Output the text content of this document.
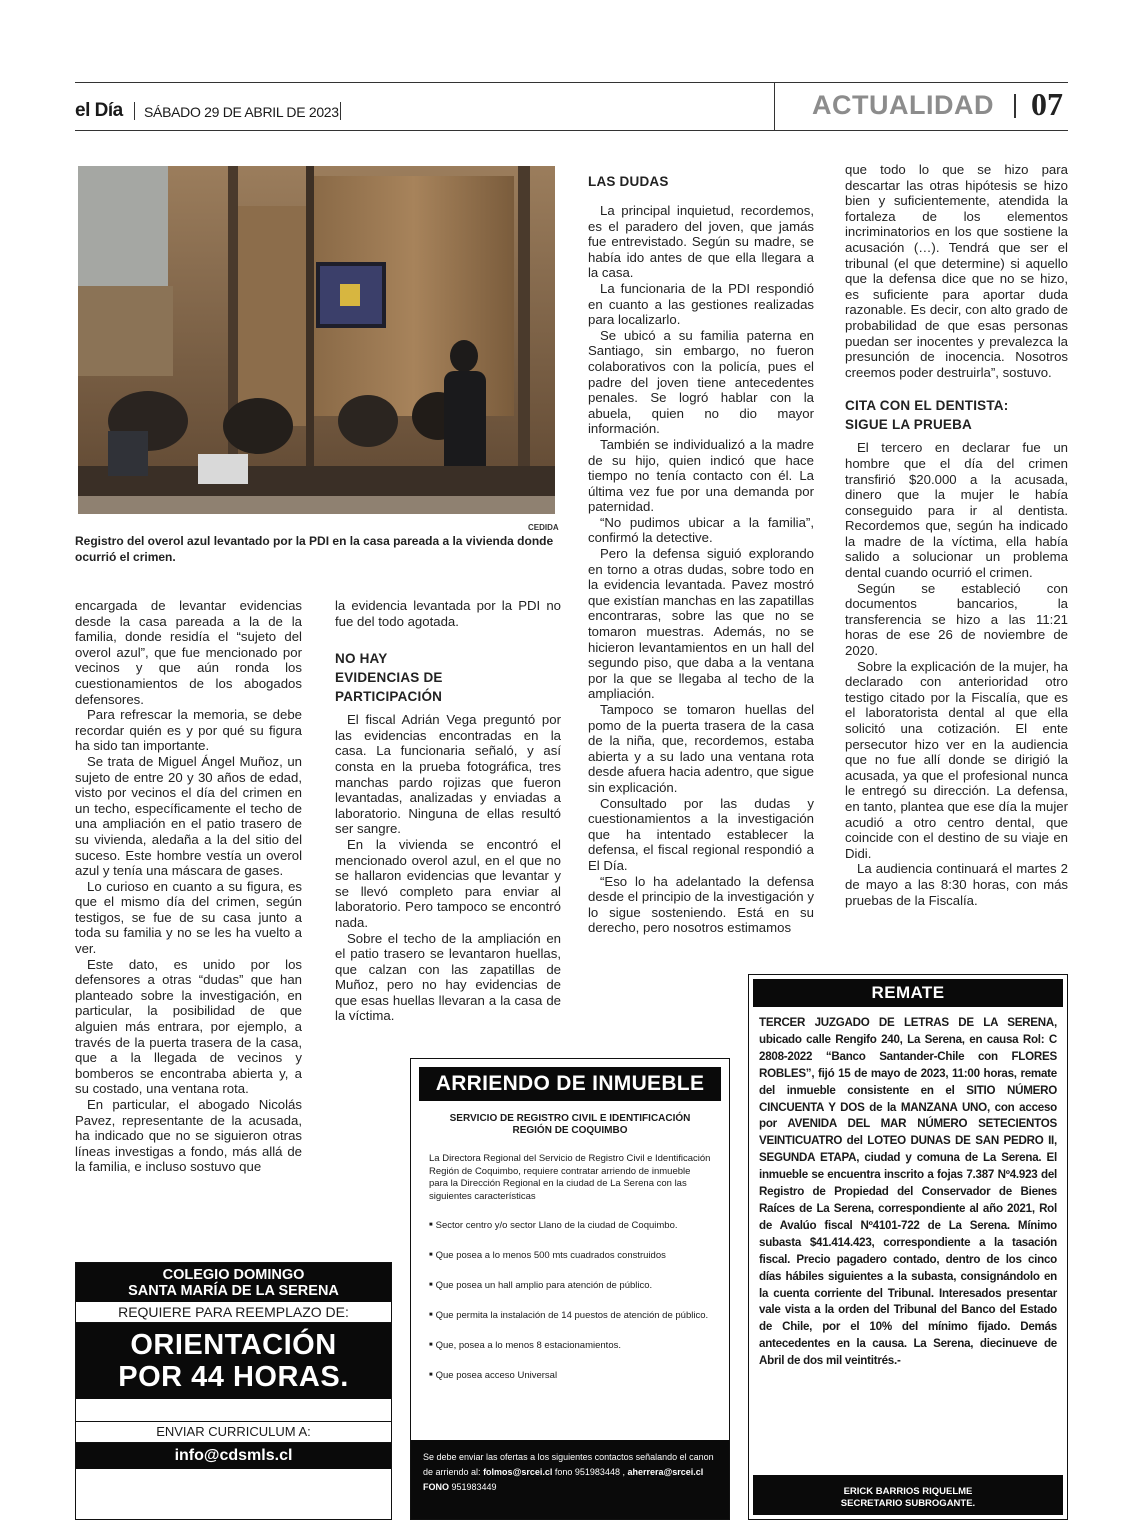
el Día SÁBADO 29 DE ABRIL DE 2023	ACTUALIDAD 07
CEDIDA
Registro del overol azul levantado por la PDI en la casa pareada a la vivienda donde ocurrió el crimen.

encargada de levantar evidencias desde la casa pareada a la de la familia, donde residía el “sujeto del overol azul”, que fue mencionado por vecinos y que aún ronda los cuestionamientos de los abogados defensores.

Para refrescar la memoria, se debe recordar quién es y por qué su figura ha sido tan importante.

Se trata de Miguel Ángel Muñoz, un sujeto de entre 20 y 30 años de edad, visto por vecinos el día del crimen en un techo, específicamente el techo de una ampliación en el patio trasero de su vivienda, aledaña a la del sitio del suceso. Este hombre vestía un overol azul y tenía una máscara de gases.

Lo curioso en cuanto a su figura, es que el mismo día del crimen, según testigos, se fue de su casa junto a toda su familia y no se les ha vuelto a ver.

Este dato, es unido por los defensores a otras “dudas” que han planteado sobre la investigación, en particular, la posibilidad de que alguien más entrara, por ejemplo, a través de la puerta trasera de la casa, que a la llegada de vecinos y bomberos se encontraba abierta y, a su costado, una ventana rota.

En particular, el abogado Nicolás Pavez, representante de la acusada, ha indicado que no se siguieron otras líneas investigas a fondo, más allá de la familia, e incluso sostuvo que

la evidencia levantada por la PDI no fue del todo agotada.

NO HAY EVIDENCIAS DE PARTICIPACIÓN

El fiscal Adrián Vega preguntó por las evidencias encontradas en la casa. La funcionaria señaló, y así consta en la prueba fotográfica, tres manchas pardo rojizas que fueron levantadas, analizadas y enviadas a laboratorio. Ninguna de ellas resultó ser sangre.

En la vivienda se encontró el mencionado overol azul, en el que no se hallaron evidencias que levantar y se llevó completo para enviar al laboratorio. Pero tampoco se encontró nada.

Sobre el techo de la ampliación en el patio trasero se levantaron huellas, que calzan con las zapatillas de Muñoz, pero no hay evidencias de que esas huellas llevaran a la casa de la víctima.

LAS DUDAS

La principal inquietud, recordemos, es el paradero del joven, que jamás fue entrevistado. Según su madre, se había ido antes de que ella llegara a la casa.

La funcionaria de la PDI respondió en cuanto a las gestiones realizadas para localizarlo.

Se ubicó a su familia paterna en Santiago, sin embargo, no fueron colaborativos con la policía, pues el padre del joven tiene antecedentes penales. Se logró hablar con la abuela, quien no dio mayor información.

También se individualizó a la madre de su hijo, quien indicó que hace tiempo no tenía contacto con él. La última vez fue por una demanda por paternidad.

“No pudimos ubicar a la familia”, confirmó la detective.

Pero la defensa siguió explorando en torno a otras dudas, sobre todo en la evidencia levantada. Pavez mostró que existían manchas en las zapatillas encontraras, sobre las que no se tomaron muestras. Además, no se hicieron levantamientos en un hall del segundo piso, que daba a la ventana por la que se llegaba al techo de la ampliación.

Tampoco se tomaron huellas del pomo de la puerta trasera de la casa de la niña, que, recordemos, estaba abierta y a su lado una ventana rota desde afuera hacia adentro, que sigue sin explicación.

Consultado por las dudas y cuestionamientos a la investigación que ha intentado establecer la defensa, el fiscal regional respondió a El Día.

“Eso lo ha adelantado la defensa desde el principio de la investigación y lo sigue sosteniendo. Está en su derecho, pero nosotros estimamos

que todo lo que se hizo para descartar las otras hipótesis se hizo bien y suficientemente, atendida la fortaleza de los elementos incriminatorios en los que sostiene la acusación (…). Tendrá que ser el tribunal (el que determine) si aquello que la defensa dice que no se hizo, es suficiente para aportar duda razonable. Es decir, con alto grado de probabilidad de que esas personas puedan ser inocentes y prevalezca la presunción de inocencia. Nosotros creemos poder destruirla”, sostuvo.

CITA CON EL DENTISTA:
SIGUE LA PRUEBA

El tercero en declarar fue un hombre que el día del crimen transfirió $20.000 a la acusada, dinero que la mujer le había conseguido para ir al dentista. Recordemos que, según ha indicado la madre de la víctima, ella había salido a solucionar un problema dental cuando ocurrió el crimen.

Según se estableció con documentos bancarios, la transferencia se hizo a las 11:21 horas de ese 26 de noviembre de 2020.

Sobre la explicación de la mujer, ha declarado con anterioridad otro testigo citado por la Fiscalía, que es el laboratorista dental al que ella solicitó una cotización. El ente persecutor hizo ver en la audiencia que no fue allí donde se dirigió la acusada, ya que el profesional nunca le entregó su dirección. La defensa, en tanto, plantea que ese día la mujer acudió a otro centro dental, que coincide con el destino de su viaje en Didi.

La audiencia continuará el martes 2 de mayo a las 8:30 horas, con más pruebas de la Fiscalía.

COLEGIO DOMINGO
SANTA MARÍA DE LA SERENA
REQUIERE PARA REEMPLAZO DE:
ORIENTACIÓN
POR 44 HORAS.
ENVIAR CURRICULUM A:
info@cdsmls.cl
ARRIENDO DE INMUEBLE
SERVICIO DE REGISTRO CIVIL E IDENTIFICACIÓN
REGIÓN DE COQUIMBO
La Directora Regional del Servicio de Registro Civil e Identificación Región de Coquimbo, requiere contratar arriendo de inmueble para la Dirección Regional en la ciudad de La Serena con las siguientes características
■ Sector centro y/o sector Llano de la ciudad de Coquimbo.
■ Que posea a lo menos 500 mts cuadrados construidos
■ Que posea un hall amplio para atención de público.
■ Que permita la instalación de 14 puestos de atención de público.
■ Que, posea a lo menos 8 estacionamientos.
■ Que posea acceso Universal
Se debe enviar las ofertas a los siguientes contactos señalando el canon de arriendo al: folmos@srcei.cl fono 951983448 , aherrera@srcei.cl
FONO 951983449
REMATE
TERCER JUZGADO DE LETRAS DE LA SERENA, ubicado calle Rengifo 240, La Serena, en causa Rol: C 2808-2022 “Banco Santander-Chile con FLORES ROBLES”, fijó 15 de mayo de 2023, 11:00 horas, remate del inmueble consistente en el SITIO NÚMERO CINCUENTA Y DOS de la MANZANA UNO, con acceso por AVENIDA DEL MAR NÚMERO SETECIENTOS VEINTICUATRO del LOTEO DUNAS DE SAN PEDRO II, SEGUNDA ETAPA, ciudad y comuna de La Serena. El inmueble se encuentra inscrito a fojas 7.387 Nº4.923 del Registro de Propiedad del Conservador de Bienes Raíces de La Serena, correspondiente al año 2021, Rol de Avalúo fiscal Nº4101-722 de La Serena. Mínimo subasta $41.414.423, correspondiente a la tasación fiscal. Precio pagadero contado, dentro de los cinco días hábiles siguientes a la subasta, consignándolo en la cuenta corriente del Tribunal. Interesados presentar vale vista a la orden del Tribunal del Banco del Estado de Chile, por el 10% del mínimo fijado. Demás antecedentes en la causa. La Serena, diecinueve de Abril de dos mil veintitrés.-
ERICK BARRIOS RIQUELME
SECRETARIO SUBROGANTE.
